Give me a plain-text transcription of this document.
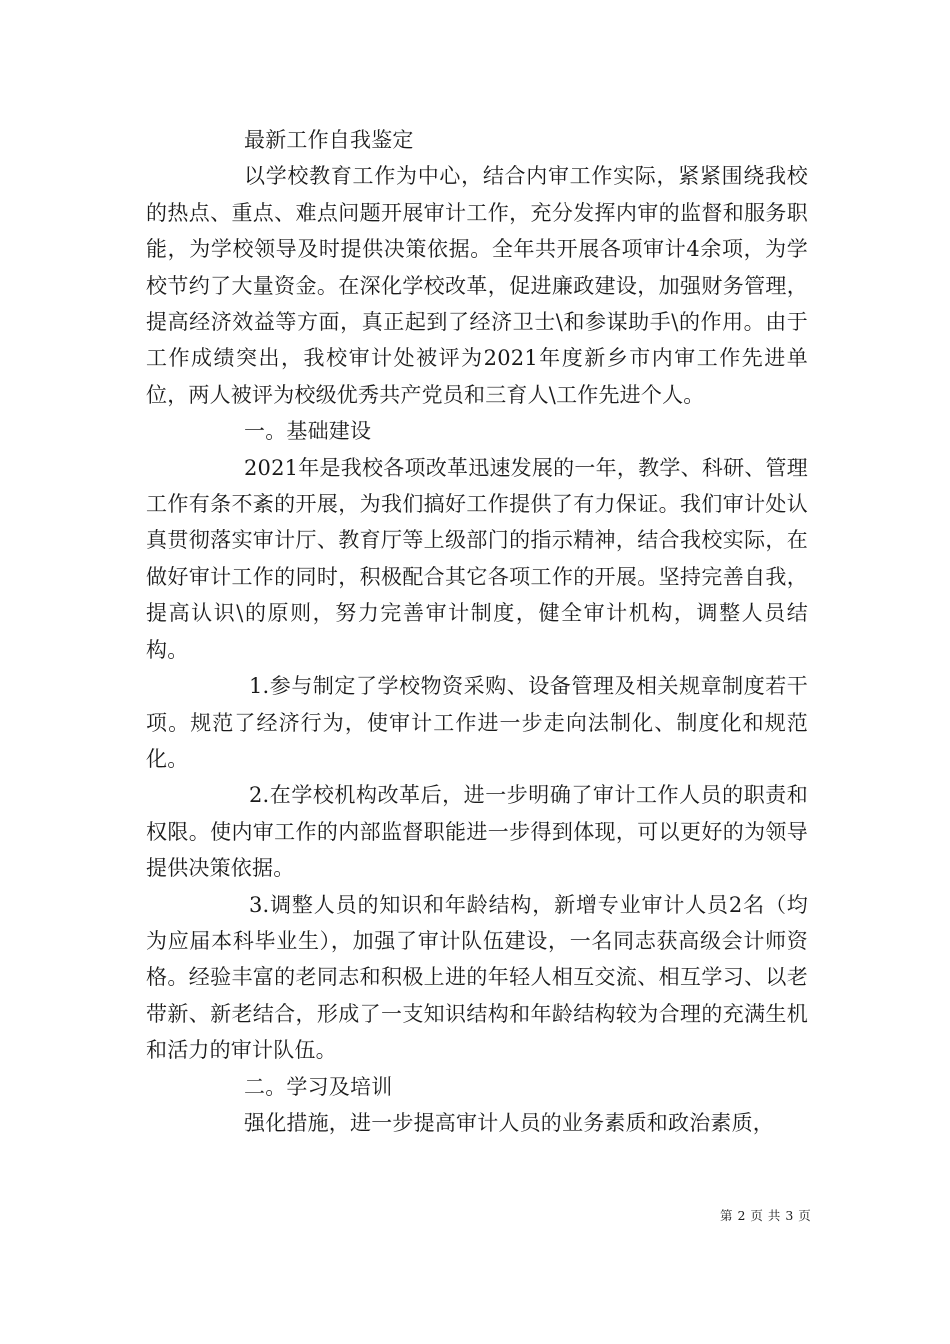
最新工作自我鉴定

以学校教育工作为中心，结合内审工作实际，紧紧围绕我校的热点、重点、难点问题开展审计工作，充分发挥内审的监督和服务职能，为学校领导及时提供决策依据。全年共开展各项审计4余项，为学校节约了大量资金。在深化学校改革，促进廉政建设，加强财务管理，提高经济效益等方面，真正起到了经济卫士\和参谋助手\的作用。由于工作成绩突出，我校审计处被评为2021年度新乡市内审工作先进单位，两人被评为校级优秀共产党员和三育人\工作先进个人。

一。基础建设

2021年是我校各项改革迅速发展的一年，教学、科研、管理工作有条不紊的开展，为我们搞好工作提供了有力保证。我们审计处认真贯彻落实审计厅、教育厅等上级部门的指示精神，结合我校实际，在做好审计工作的同时，积极配合其它各项工作的开展。坚持完善自我，提高认识\的原则，努力完善审计制度，健全审计机构，调整人员结构。

1.参与制定了学校物资采购、设备管理及相关规章制度若干项。规范了经济行为，使审计工作进一步走向法制化、制度化和规范化。

2.在学校机构改革后，进一步明确了审计工作人员的职责和权限。使内审工作的内部监督职能进一步得到体现，可以更好的为领导提供决策依据。

3.调整人员的知识和年龄结构，新增专业审计人员2名（均为应届本科毕业生），加强了审计队伍建设，一名同志获高级会计师资格。经验丰富的老同志和积极上进的年轻人相互交流、相互学习、以老带新、新老结合，形成了一支知识结构和年龄结构较为合理的充满生机和活力的审计队伍。

二。学习及培训

强化措施，进一步提高审计人员的业务素质和政治素质，

第 2 页 共 3 页
